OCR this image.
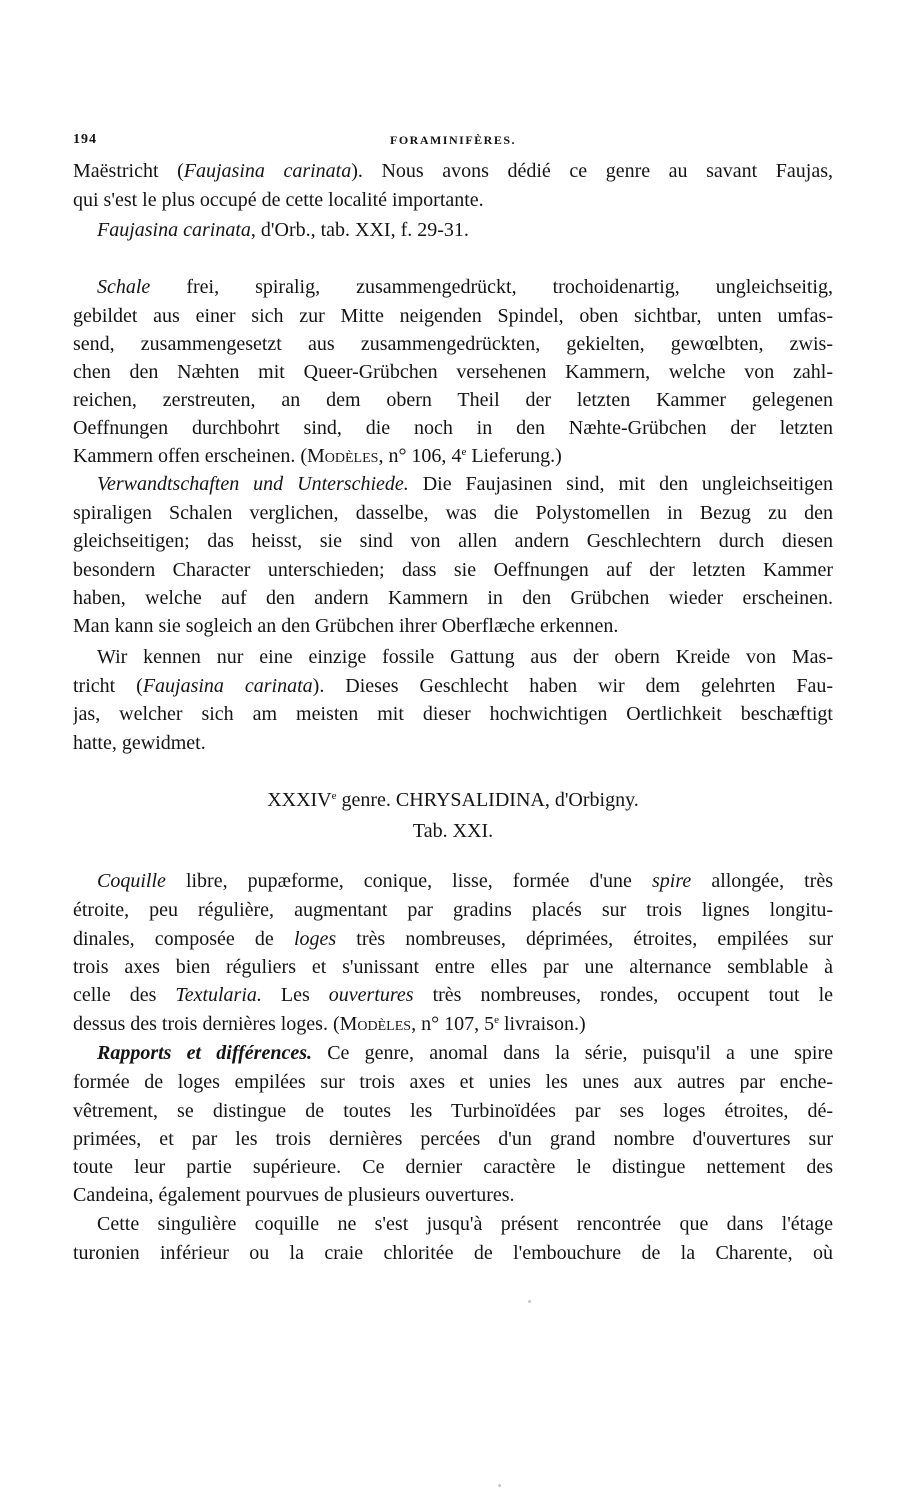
194	FORAMINIFÈRES.
Maëstricht (Faujasina carinata). Nous avons dédié ce genre au savant Faujas,
qui s'est le plus occupé de cette localité importante.
Faujasina carinata, d'Orb., tab. XXI, f. 29-31.
Schale frei, spiralig, zusammengedrückt, trochoidenartig, ungleichseitig,
gebildet aus einer sich zur Mitte neigenden Spindel, oben sichtbar, unten umfas-
send, zusammengesetzt aus zusammengedrückten, gekielten, gewœlbten, zwis-
chen den Næhten mit Queer-Grübchen versehenen Kammern, welche von zahl-
reichen, zerstreuten, an dem obern Theil der letzten Kammer gelegenen
Oeffnungen durchbohrt sind, die noch in den Næhte-Grübchen der letzten
Kammern offen erscheinen. (Modèles, n° 106, 4e Lieferung.)
Verwandtschaften und Unterschiede. Die Faujasinen sind, mit den ungleichseitigen
spiraligen Schalen verglichen, dasselbe, was die Polystomellen in Bezug zu den
gleichseitigen; das heisst, sie sind von allen andern Geschlechtern durch diesen
besondern Character unterschieden; dass sie Oeffnungen auf der letzten Kammer
haben, welche auf den andern Kammern in den Grübchen wieder erscheinen.
Man kann sie sogleich an den Grübchen ihrer Oberflæche erkennen.
Wir kennen nur eine einzige fossile Gattung aus der obern Kreide von Mas-
tricht (Faujasina carinata). Dieses Geschlecht haben wir dem gelehrten Fau-
jas, welcher sich am meisten mit dieser hochwichtigen Oertlichkeit beschæftigt
hatte, gewidmet.
XXXIVe genre. CHRYSALIDINA, d'Orbigny.
Tab. XXI.
Coquille libre, pupæforme, conique, lisse, formée d'une spire allongée, très
étroite, peu régulière, augmentant par gradins placés sur trois lignes longitu-
dinales, composée de loges très nombreuses, déprimées, étroites, empilées sur
trois axes bien réguliers et s'unissant entre elles par une alternance semblable à
celle des Textularia. Les ouvertures très nombreuses, rondes, occupent tout le
dessus des trois dernières loges. (Modèles, n° 107, 5e livraison.)
Rapports et différences. Ce genre, anomal dans la série, puisqu'il a une spire
formée de loges empilées sur trois axes et unies les unes aux autres par enche-
vêtrement, se distingue de toutes les Turbinoïdées par ses loges étroites, dé-
primées, et par les trois dernières percées d'un grand nombre d'ouvertures sur
toute leur partie supérieure. Ce dernier caractère le distingue nettement des
Candeina, également pourvues de plusieurs ouvertures.
Cette singulière coquille ne s'est jusqu'à présent rencontrée que dans l'étage
turonien inférieur ou la craie chloritée de l'embouchure de la Charente, où
